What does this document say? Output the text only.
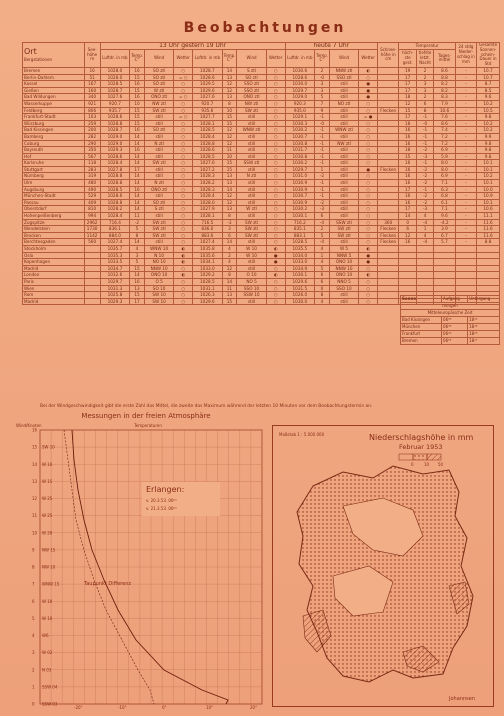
Beobachtungen
Ort
Bergstationen	See-höhe m	13 Uhr gestern 19 Uhr								heute 7 Uhr				Schnee-höhe in cm	Temperatur			24 stdg Nieder-schlag in mm	Gesamte Sonnen-schein-Dauer in Std
		Luftdr. in mb	Temp. C°	Wind	Wetter	Luftdr. in mb	Temp. C°	Wind	Wetter	Luftdr. in mb	Temp. C°	Wind	Wetter		höch-ste gest.	tiefste letzt. Nacht	Tages-mittel		
Bremen	16	1028.0	16	SO ztl	○	1028.7	14	S ztl	○	1030.6	2	NNW ztl	◐		19	2	8.6	-	10.7
Berlin-Dahlem	51	1028.0	15	SO ztl	= ○	1028.6	13	SO ztl	○	1028.6	-0	SSO ztl	○		17	2	8.8	-	10.7
Kassel	167	1028.5	16	SO ztl	○	1029.5	12	SSO ztl	○	1030.0	3	still	●		17	3	8.2	-	8.7
Gießen	160	1028.7	15	W ztl	○	1029.6	12	SSO ztl	○	1029.7	3	still	●		17	3	8.2	-	8.5
Bad Wildungen	340	1027.6	16	ONO ztl	= ○	1027.6	13	ONO ztl	○	1029.0	5	still	●		18	2	8.3	-	9.6
Wasserkuppe	921	920.7	10	NW ztl	○	920.7	8	NW ztl	○	920.3	7	NO ztl	○		12	6	7.9	-	10.2
Feldberg	806	935.7	15	SW ztl	○	935.6	10	SW ztl	○	935.0	9	still	○	Flecken	15	8	10.6	-	10.5
Frankfurt-Stadt	103	1028.6	15	still	= ○	1027.7	15	still	○	1029.1	-1	still	= ●		17	-1	7.6	-	9.8
Würzburg	259	1028.8	15	still	○	1028.1	15	still	○	1030.3	-0	still	○		18	-0	8.6	-	10.2
Bad Kissingen	200	1028.7	16	SO ztl	○	1028.5	12	WNW ztl	○	1030.2	-1	WNW ztl	○		16	-1	7.4	-	10.2
Bamberg	282	1029.0	14	still	○	1028.4	12	still	○	1030.7	-1	still	○		16	-1	7.2	-	9.9
Coburg	290	1029.0	14	N ztl	○	1028.8	12	still	○	1030.8	-1	NW ztl	○		16	-1	7.2	-	9.8
Bayreuth	350	1029.3	16	still	○	1028.6	11	still	○	1031.7	-1	still	○		18	-2	6.9	-	9.8
Hof	567	1028.6	14	still	○	1028.5	10	still	○	1030.8	-1	still	○		15	-3	5.9	-	9.8
Karlsruhe	118	1028.4	14	SW ztl	○	1027.6	15	SSW ztl	○	1030.2	-1	still	○		16	-1	8.0	-	10.1
Stuttgart	283	1027.8	17	still	○	1027.2	15	still	○	1029.7	1	still	●	Flecken	16	-2	8.0	-	10.1
Nürnberg	319	1028.8	14	still	○	1028.3	13	N ztl	○	1031.0	-2	still	○		16	-2	6.9	-	10.2
Ulm	480	1028.8	14	N ztl	○	1028.2	13	still	○	1030.9	-1	still	○		16	-2	7.1	-	10.1
Augsburg	490	1028.5	16	ONO ztl	○	1028.3	14	still	○	1030.9	-1	still	○		17	-1	6.3	-	10.0
München-Stadt	529	1028.6	14	still	○	1028.4	12	still	○	1030.7	-1	still	○		16	-2	6.8	-	10.9
Passau	409	1028.8	14	SO ztl	○	1028.0	12	still	○	1030.9	-2	still	○		16	-2	6.1	-	10.1
Oberstdorf	810	1028.2	14	S ztl	○	1027.9	13	W ztl	○	1030.2	-3	still	○		17	-3	7.1	-	10.6
Hohenpeißenberg	994	1028.4	11	still	○	1028.1	8	still	○	1030.1	6	still	○		14	4	9.6	-	11.1
Zugspitze	2962	716.4	-2	SW ztl	○	716.5	-3	SW ztl	○	716.2	-4	SSW ztl	○	360	0	-4	-4.2	-	11.6
Wendelstein	1730	836.1	5	SW ztl	○	836.0	3	SW ztl	○	835.1	2	SW ztl	○	Flecken	6	1	3.9	-	11.6
Brocken	1142	884.0	8	SW ztl	○	883.6	6	SW ztl	○	883.1	5	SW ztl	○	Flecken	12	4	6.7	-	11.6
Berchtesgaden	560	1027.4	14	still	○	1027.4	14	still	○	1028.5	-4	still	○	Flecken	16	-4	5.7	-	8.8
Stockholm		1035.7	4	WNW 10	◐	1035.8	4	W 10	◐	1035.5	4	W 5	◐						
Oslo		1035.3	3	N 10	◐	1035.6	2	W 10	●	1034.0	1	NNW 5	●						
Kopenhagen		1033.5	5	NO 10	◐	1034.1	4	still	●	1033.0	4	ONO 10	●						
Madrid		1034.7	15	NNW 10	○	1033.0	12	still	○	1034.9	5	NNW 10	○						
London		1032.6	14	ONO 10	◐	1029.2	8	O 10	◐	1030.1	6	ONO 10	◐						
Paris		1029.7	16	O 5	○	1028.5	14	NO 5	○	1029.6	6	NNO 5	○						
Wien		1031.3	13	SO 10	○	1031.1	11	SSO 10	○	1031.5	0	SSO 10	○						
Rom		1025.8	15	SW 10	○	1026.3	13	SSW 10	○	1026.0	8	still	○						
Madrid		1029.3	17	SW 10	○	1029.6	15	still	○	1030.0	4	still	○						
Sonne	Aufgang	Untergang
morgen		
Mitteleuropäische Zeit		
Bad Kissingen	06³⁸	18¹⁶
München	06³⁸	18¹⁸
Frankfurt	06⁴⁶	18²⁵
Bremen	06⁵⁵	18²⁷
Bei der Windgeschwindigkeit gibt die erste Zahl das Mittel, die zweite das Maximum während der letzten 10 Minuten vor dem Beobachtungstermin an.
Messungen in der freien Atmosphäre
Wind/Knoten	Temperaturen
16
15 SW 10
14 W 10
13 W 15
12 W 25
11 W 25
10 W 20
9 NW 15
8 NW 10
7 WNW 15
6 W 10
5 W 10
4 W6
3 W 02
2 N 03
1 SSW 04
0 SSW 03
Erlangen:
v. 20.3.53. 06⁰⁰
v. 21.3.53. 06⁰⁰
Taupunkt Differenz
-20°	-10°	0°	10°	20°
Maßstab 1 : 5.000.000	Niederschlagshöhe in mm
Februar 1953
0	10 50
Johannsen
